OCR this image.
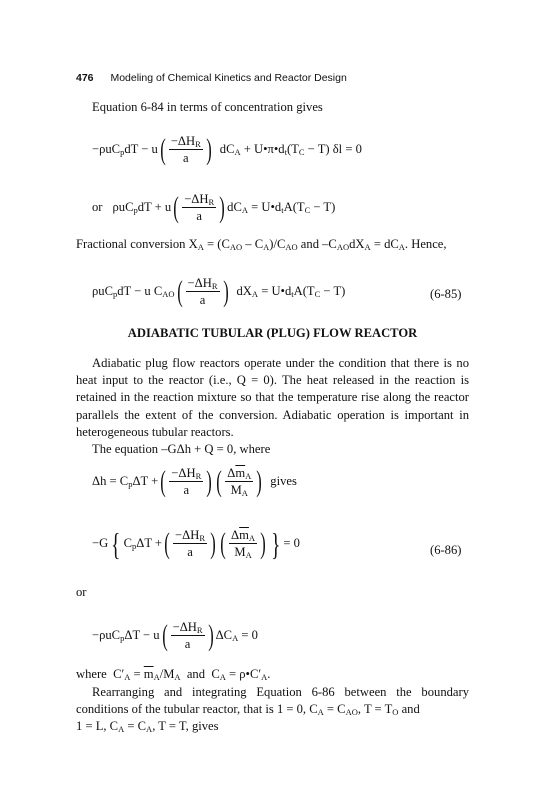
476 Modeling of Chemical Kinetics and Reactor Design
Equation 6-84 in terms of concentration gives
−ρuC$_p$dT − u ( $\frac{-\Delta H_R}{a}$ ) $dC_A$ + $U•\pi•d_t(T_C - T) \delta l = 0$
or ρuC$_p$dT + u ( $\frac{-\Delta H_R}{a}$ ) $dC_A$ = $U•d_tA(T_C - T)$
Fractional conversion $X_A = (C_{AO} - C_A)/C_{AO}$ and $-C_{AO}dX_A = dC_A$. Hence,
ρuC$_p$dT − u $C_{AO}$ ( $\frac{-\Delta H_R}{a}$ ) $dX_A$ = $U•d_tA(T_C - T)$	(6-85)
ADIABATIC TUBULAR (PLUG) FLOW REACTOR

Adiabatic plug flow reactors operate under the condition that there is no heat input to the reactor (i.e., Q = 0). The heat released in the reaction is retained in the reaction mixture so that the temperature rise along the reactor parallels the extent of the conversion. Adiabatic operation is important in heterogeneous tubular reactors.

The equation –GΔh + Q = 0, where

$\Delta h = C_p\Delta T$ + ( $\frac{-\Delta H_R}{a}$ ) ( $\frac{\Delta\overline{m}_A}{M_A}$ ) gives
−G { $C_p\Delta T$ + ( $\frac{-\Delta H_R}{a}$ ) ( $\frac{\Delta\overline{m}_A}{M_A}$ ) } = 0	(6-86)
or
−ρuC$_p$ΔT − u ( $\frac{-\Delta H_R}{a}$ ) $\Delta C_A = 0$
where  $C'_A = \overline{m}_A/M_A$ and  $C_A$ = $\rho•C'_A$.

Rearranging and integrating Equation 6-86 between the boundary conditions of the tubular reactor, that is 1 = 0, $C_A = C_{AO}$, $T = T_O$ and

1 = L, $C_A = C_A$, T = T, gives
